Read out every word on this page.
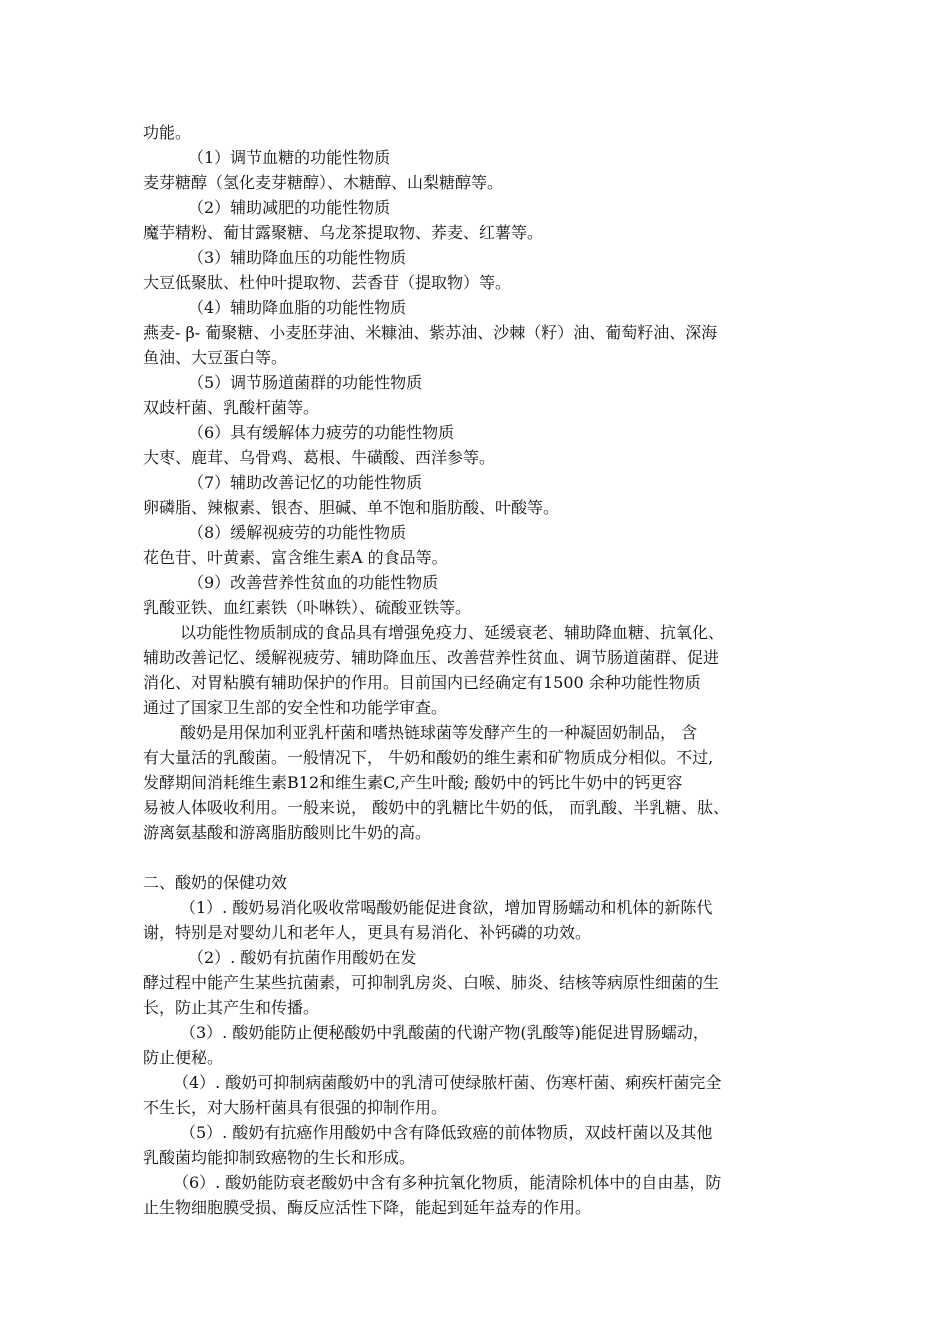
功能。
（1）调节血糖的功能性物质
麦芽糖醇（氢化麦芽糖醇）、木糖醇、山梨糖醇等。
（2）辅助减肥的功能性物质
魔芋精粉、葡甘露聚糖、乌龙茶提取物、荞麦、红薯等。
（3）辅助降血压的功能性物质
大豆低聚肽、杜仲叶提取物、芸香苷（提取物）等。
（4）辅助降血脂的功能性物质
燕麦- β- 葡聚糖、小麦胚芽油、米糠油、紫苏油、沙棘（籽）油、葡萄籽油、深海
鱼油、大豆蛋白等。
（5）调节肠道菌群的功能性物质
双歧杆菌、乳酸杆菌等。
（6）具有缓解体力疲劳的功能性物质
大枣、鹿茸、乌骨鸡、葛根、牛磺酸、西洋参等。
（7）辅助改善记忆的功能性物质
卵磷脂、辣椒素、银杏、胆碱、单不饱和脂肪酸、叶酸等。
（8）缓解视疲劳的功能性物质
花色苷、叶黄素、富含维生素A 的食品等。
（9）改善营养性贫血的功能性物质
乳酸亚铁、血红素铁（卟啉铁）、硫酸亚铁等。
以功能性物质制成的食品具有增强免疫力、延缓衰老、辅助降血糖、抗氧化、
辅助改善记忆、缓解视疲劳、辅助降血压、改善营养性贫血、调节肠道菌群、促进
消化、对胃粘膜有辅助保护的作用。目前国内已经确定有1500 余种功能性物质
通过了国家卫生部的安全性和功能学审查。
酸奶是用保加利亚乳杆菌和嗜热链球菌等发酵产生的一种凝固奶制品， 含
有大量活的乳酸菌。一般情况下， 牛奶和酸奶的维生素和矿物质成分相似。不过,
发酵期间消耗维生素B12和维生素C,产生叶酸; 酸奶中的钙比牛奶中的钙更容
易被人体吸收利用。一般来说， 酸奶中的乳糖比牛奶的低， 而乳酸、半乳糖、肽、
游离氨基酸和游离脂肪酸则比牛奶的高。
二、酸奶的保健功效
（1）. 酸奶易消化吸收常喝酸奶能促进食欲，增加胃肠蠕动和机体的新陈代
谢，特别是对婴幼儿和老年人，更具有易消化、补钙磷的功效。
（2）. 酸奶有抗菌作用酸奶在发
酵过程中能产生某些抗菌素，可抑制乳房炎、白喉、肺炎、结核等病原性细菌的生
长，防止其产生和传播。
（3）. 酸奶能防止便秘酸奶中乳酸菌的代谢产物(乳酸等)能促进胃肠蠕动，
防止便秘。
（4）. 酸奶可抑制病菌酸奶中的乳清可使绿脓杆菌、伤寒杆菌、痢疾杆菌完全
不生长，对大肠杆菌具有很强的抑制作用。
（5）. 酸奶有抗癌作用酸奶中含有降低致癌的前体物质，双歧杆菌以及其他
乳酸菌均能抑制致癌物的生长和形成。
（6）. 酸奶能防衰老酸奶中含有多种抗氧化物质，能清除机体中的自由基，防
止生物细胞膜受损、酶反应活性下降，能起到延年益寿的作用。
